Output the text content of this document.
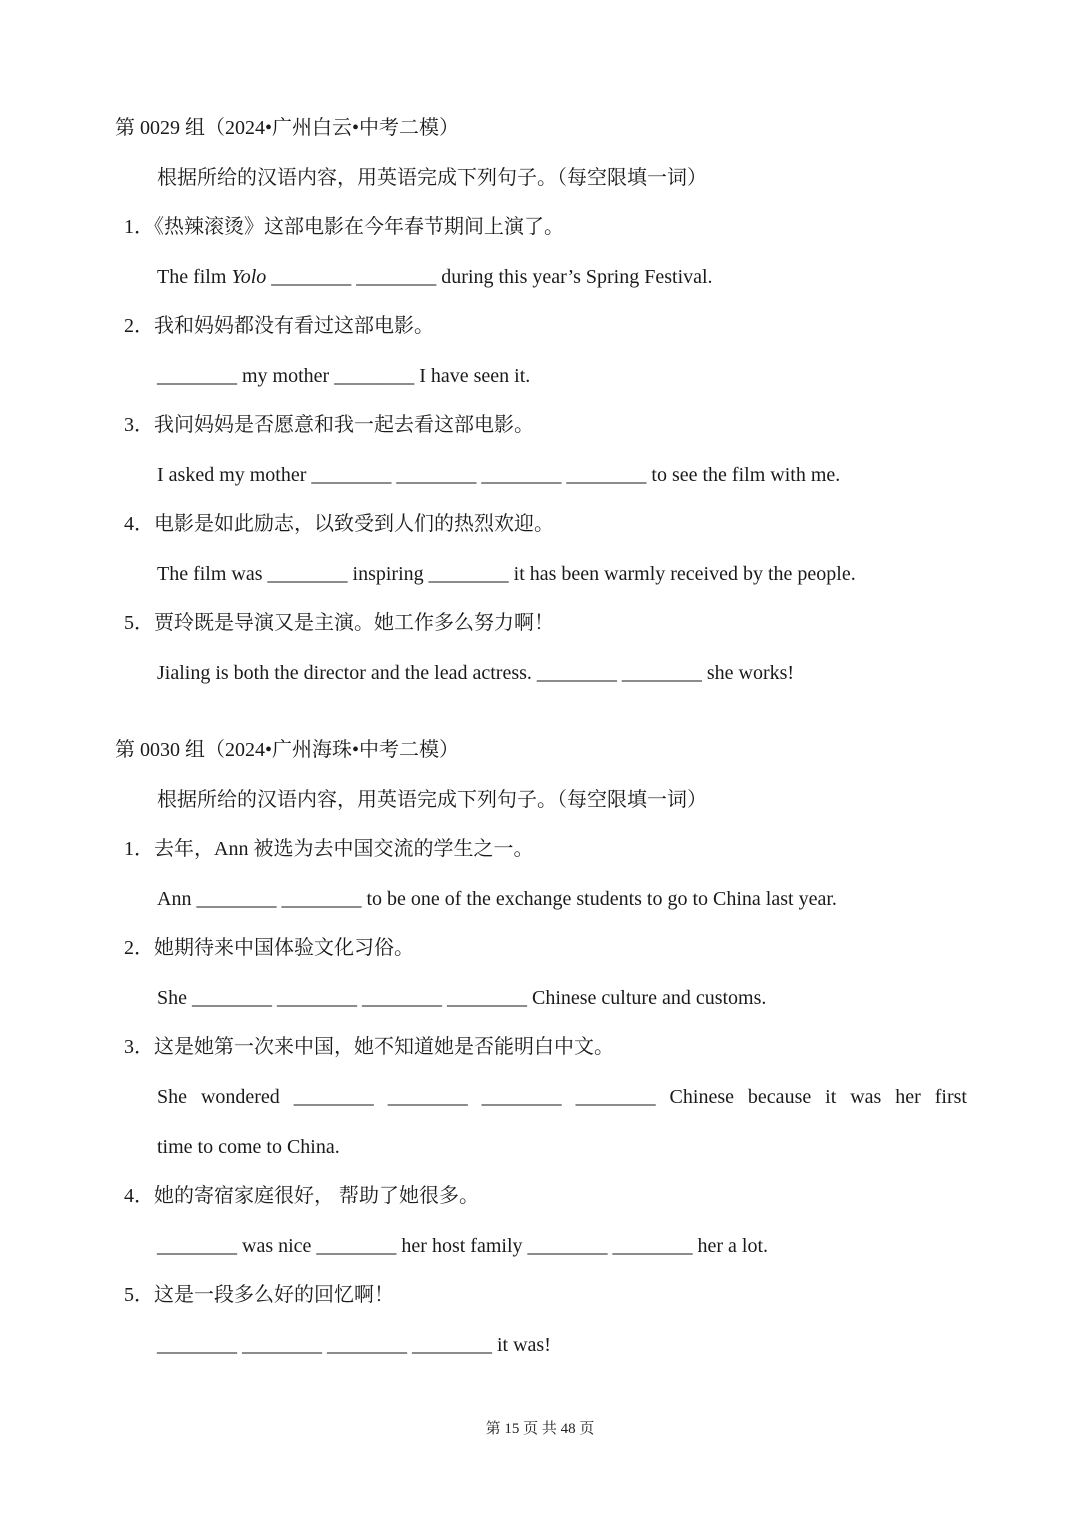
第 0029 组（2024•广州白云•中考二模）
根据所给的汉语内容，用英语完成下列句子。（每空限填一词）
1．《热辣滚烫》这部电影在今年春节期间上演了。
The film Yolo ________ ________ during this year’s Spring Festival.
2．我和妈妈都没有看过这部电影。
________ my mother ________ I have seen it.
3．我问妈妈是否愿意和我一起去看这部电影。
I asked my mother ________ ________ ________ ________ to see the film with me.
4．电影是如此励志，以致受到人们的热烈欢迎。
The film was ________ inspiring ________ it has been warmly received by the people.
5．贾玲既是导演又是主演。她工作多么努力啊！
Jialing is both the director and the lead actress. ________ ________ she works!
第 0030 组（2024•广州海珠•中考二模）
根据所给的汉语内容，用英语完成下列句子。（每空限填一词）
1．去年，Ann 被选为去中国交流的学生之一。
Ann ________ ________ to be one of the exchange students to go to China last year.
2．她期待来中国体验文化习俗。
She ________ ________ ________ ________ Chinese culture and customs.
3．这是她第一次来中国，她不知道她是否能明白中文。
She wondered ________ ________ ________ ________ Chinese because it was her first
time to come to China.
4．她的寄宿家庭很好， 帮助了她很多。
________ was nice ________ her host family ________ ________ her a lot.
5．这是一段多么好的回忆啊！
________ ________ ________ ________ it was!
第 15 页 共 48 页
